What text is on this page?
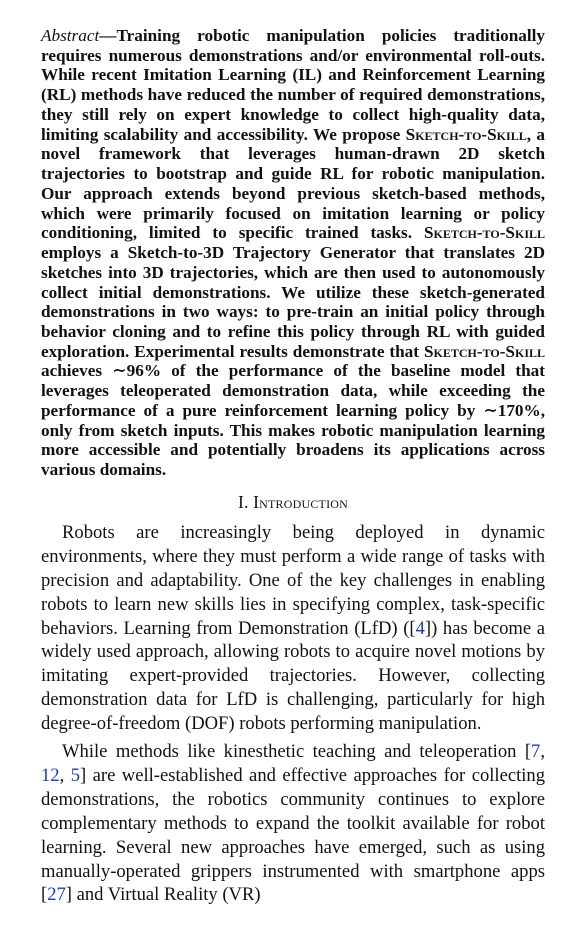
Abstract—Training robotic manipulation policies traditionally requires numerous demonstrations and/or environmental roll-outs. While recent Imitation Learning (IL) and Reinforcement Learning (RL) methods have reduced the number of required demonstrations, they still rely on expert knowledge to collect high-quality data, limiting scalability and accessibility. We propose Sketch-to-Skill, a novel framework that leverages human-drawn 2D sketch trajectories to bootstrap and guide RL for robotic manipulation. Our approach extends beyond previous sketch-based methods, which were primarily focused on imitation learning or policy conditioning, limited to specific trained tasks. Sketch-to-Skill employs a Sketch-to-3D Trajectory Generator that translates 2D sketches into 3D trajectories, which are then used to autonomously collect initial demonstrations. We utilize these sketch-generated demonstrations in two ways: to pre-train an initial policy through behavior cloning and to refine this policy through RL with guided exploration. Experimental results demonstrate that Sketch-to-Skill achieves ∼96% of the performance of the baseline model that leverages teleoperated demonstration data, while exceeding the performance of a pure reinforcement learning policy by ∼170%, only from sketch inputs. This makes robotic manipulation learning more accessible and potentially broadens its applications across various domains.

I. Introduction

Robots are increasingly being deployed in dynamic environments, where they must perform a wide range of tasks with precision and adaptability. One of the key challenges in enabling robots to learn new skills lies in specifying complex, task-specific behaviors. Learning from Demonstration (LfD) ([4]) has become a widely used approach, allowing robots to acquire novel motions by imitating expert-provided trajectories. However, collecting demonstration data for LfD is challenging, particularly for high degree-of-freedom (DOF) robots performing manipulation.

While methods like kinesthetic teaching and teleoperation [7, 12, 5] are well-established and effective approaches for collecting demonstrations, the robotics community continues to explore complementary methods to expand the toolkit available for robot learning. Several new approaches have emerged, such as using manually-operated grippers instrumented with smartphone apps [27] and Virtual Reality (VR)
